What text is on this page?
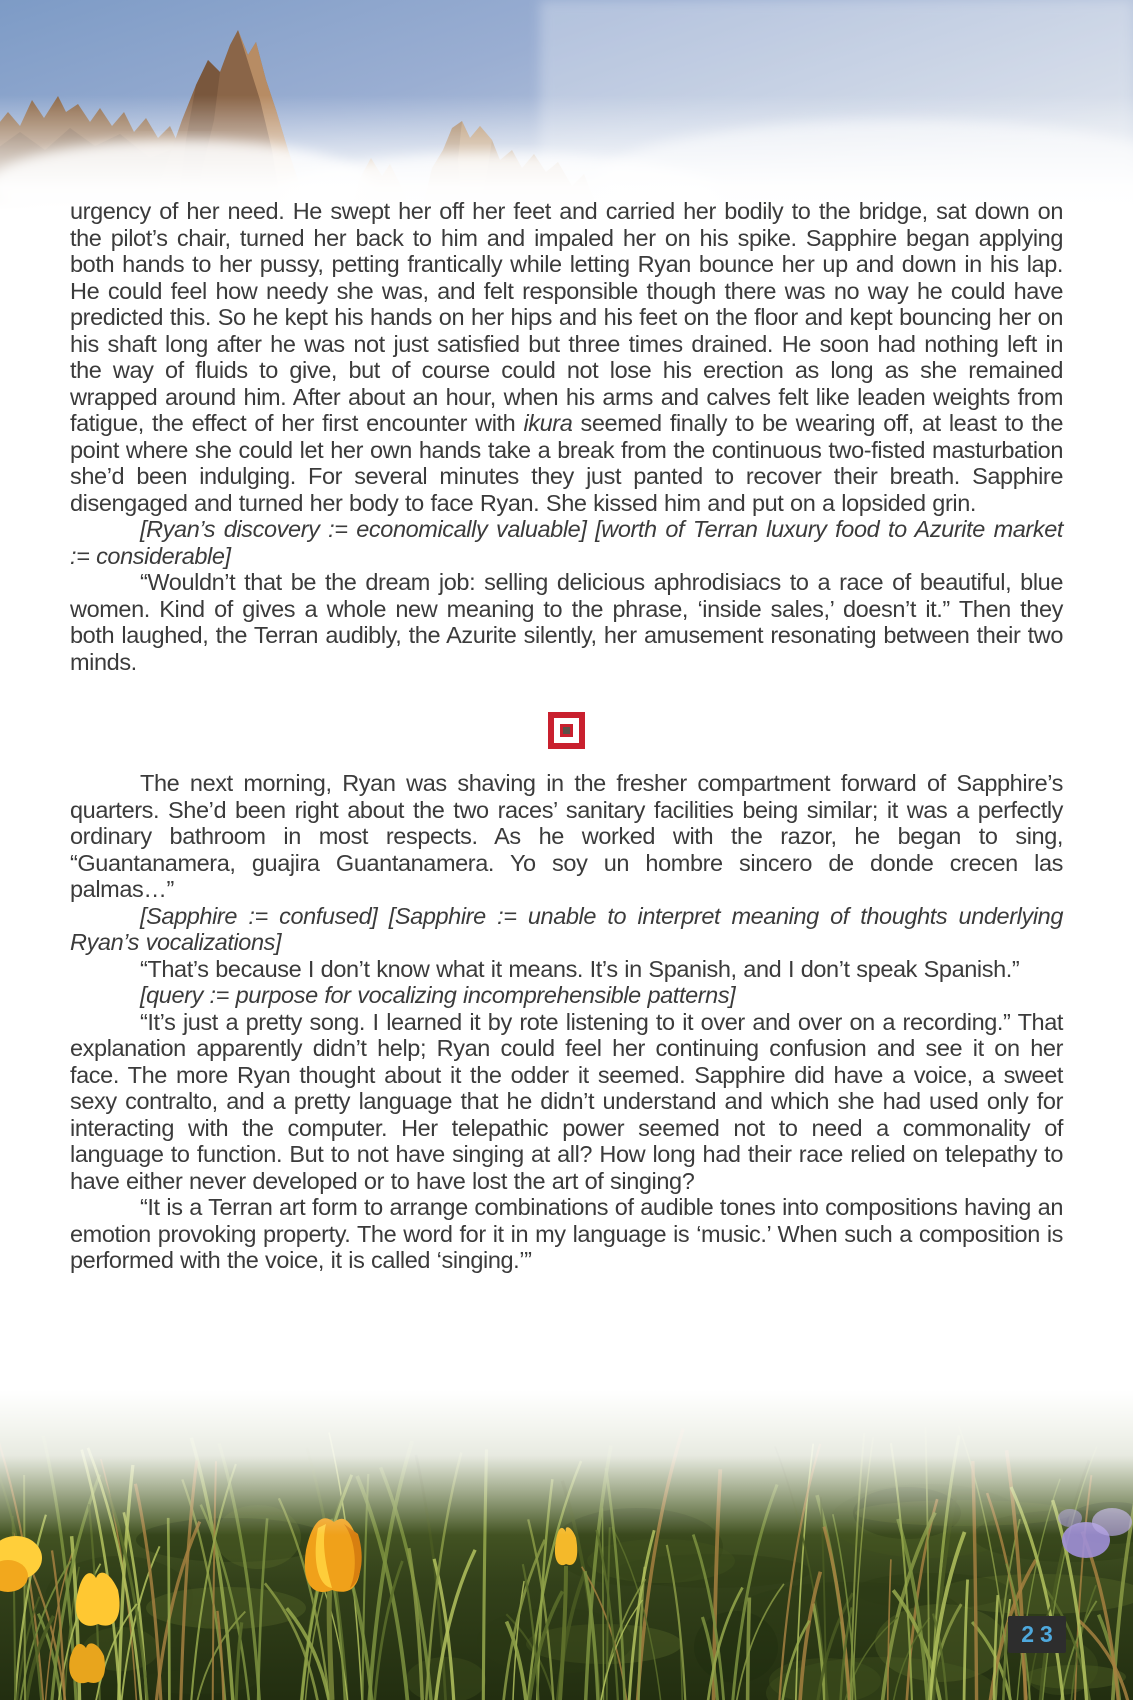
urgency of her need. He swept her off her feet and carried her bodily to the bridge, sat down on the pilot’s chair, turned her back to him and impaled her on his spike. Sapphire began applying both hands to her pussy, petting frantically while letting Ryan bounce her up and down in his lap. He could feel how needy she was, and felt responsible though there was no way he could have predicted this. So he kept his hands on her hips and his feet on the floor and kept bouncing her on his shaft long after he was not just satisfied but three times drained. He soon had nothing left in the way of fluids to give, but of course could not lose his erection as long as she remained wrapped around him. After about an hour, when his arms and calves felt like leaden weights from fatigue, the effect of her first encounter with ikura seemed finally to be wearing off, at least to the point where she could let her own hands take a break from the continuous two-fisted masturbation she’d been indulging. For several minutes they just panted to recover their breath. Sapphire disengaged and turned her body to face Ryan. She kissed him and put on a lopsided grin.

[Ryan’s discovery := economically valuable] [worth of Terran luxury food to Azurite market := considerable]

“Wouldn’t that be the dream job: selling delicious aphrodisiacs to a race of beautiful, blue women. Kind of gives a whole new meaning to the phrase, ‘inside sales,’ doesn’t it.” Then they both laughed, the Terran audibly, the Azurite silently, her amusement resonating between their two minds.

The next morning, Ryan was shaving in the fresher compartment forward of Sapphire’s quarters. She’d been right about the two races’ sanitary facilities being similar; it was a perfectly ordinary bathroom in most respects. As he worked with the razor, he began to sing, “Guantanamera, guajira Guantanamera. Yo soy un hombre sincero de donde crecen las palmas…”

[Sapphire := confused] [Sapphire := unable to interpret meaning of thoughts underlying Ryan’s vocalizations]

“That’s because I don’t know what it means. It’s in Spanish, and I don’t speak Spanish.”

[query := purpose for vocalizing incomprehensible patterns]

“It’s just a pretty song. I learned it by rote listening to it over and over on a recording.” That explanation apparently didn’t help; Ryan could feel her continuing confusion and see it on her face. The more Ryan thought about it the odder it seemed. Sapphire did have a voice, a sweet sexy contralto, and a pretty language that he didn’t understand and which she had used only for interacting with the computer. Her telepathic power seemed not to need a commonality of language to function. But to not have singing at all? How long had their race relied on telepathy to have either never developed or to have lost the art of singing?

“It is a Terran art form to arrange combinations of audible tones into compositions having an emotion provoking property. The word for it in my language is ‘music.’ When such a composition is performed with the voice, it is called ‘singing.’”

23
